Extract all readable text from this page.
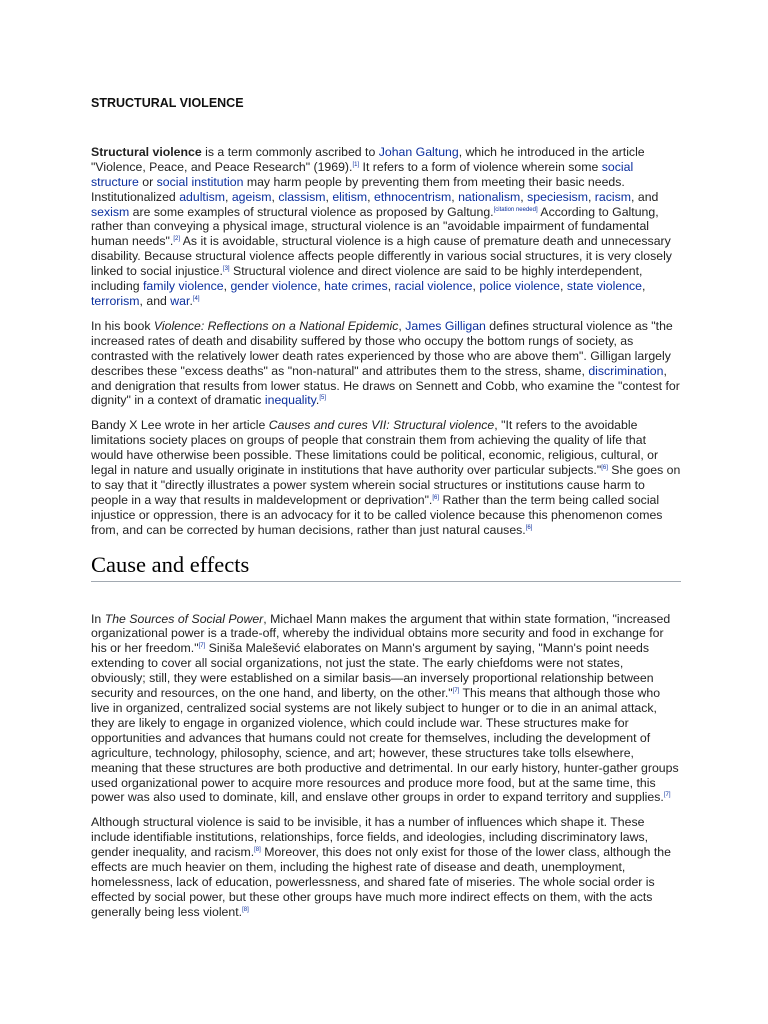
STRUCTURAL VIOLENCE

Structural violence is a term commonly ascribed to Johan Galtung, which he introduced in the article "Violence, Peace, and Peace Research" (1969).[1] It refers to a form of violence wherein some social structure or social institution may harm people by preventing them from meeting their basic needs. Institutionalized adultism, ageism, classism, elitism, ethnocentrism, nationalism, speciesism, racism, and sexism are some examples of structural violence as proposed by Galtung.[citation needed] According to Galtung, rather than conveying a physical image, structural violence is an "avoidable impairment of fundamental human needs".[2] As it is avoidable, structural violence is a high cause of premature death and unnecessary disability. Because structural violence affects people differently in various social structures, it is very closely linked to social injustice.[3] Structural violence and direct violence are said to be highly interdependent, including family violence, gender violence, hate crimes, racial violence, police violence, state violence, terrorism, and war.[4]

In his book Violence: Reflections on a National Epidemic, James Gilligan defines structural violence as "the increased rates of death and disability suffered by those who occupy the bottom rungs of society, as contrasted with the relatively lower death rates experienced by those who are above them". Gilligan largely describes these "excess deaths" as "non-natural" and attributes them to the stress, shame, discrimination, and denigration that results from lower status. He draws on Sennett and Cobb, who examine the "contest for dignity" in a context of dramatic inequality.[5]

Bandy X Lee wrote in her article Causes and cures VII: Structural violence, "It refers to the avoidable limitations society places on groups of people that constrain them from achieving the quality of life that would have otherwise been possible. These limitations could be political, economic, religious, cultural, or legal in nature and usually originate in institutions that have authority over particular subjects."[6] She goes on to say that it "directly illustrates a power system wherein social structures or institutions cause harm to people in a way that results in maldevelopment or deprivation".[6] Rather than the term being called social injustice or oppression, there is an advocacy for it to be called violence because this phenomenon comes from, and can be corrected by human decisions, rather than just natural causes.[6]

Cause and effects

In The Sources of Social Power, Michael Mann makes the argument that within state formation, "increased organizational power is a trade-off, whereby the individual obtains more security and food in exchange for his or her freedom."[7] Siniša Malešević elaborates on Mann's argument by saying, "Mann's point needs extending to cover all social organizations, not just the state. The early chiefdoms were not states, obviously; still, they were established on a similar basis—an inversely proportional relationship between security and resources, on the one hand, and liberty, on the other."[7] This means that although those who live in organized, centralized social systems are not likely subject to hunger or to die in an animal attack, they are likely to engage in organized violence, which could include war. These structures make for opportunities and advances that humans could not create for themselves, including the development of agriculture, technology, philosophy, science, and art; however, these structures take tolls elsewhere, meaning that these structures are both productive and detrimental. In our early history, hunter-gather groups used organizational power to acquire more resources and produce more food, but at the same time, this power was also used to dominate, kill, and enslave other groups in order to expand territory and supplies.[7]

Although structural violence is said to be invisible, it has a number of influences which shape it. These include identifiable institutions, relationships, force fields, and ideologies, including discriminatory laws, gender inequality, and racism.[8] Moreover, this does not only exist for those of the lower class, although the effects are much heavier on them, including the highest rate of disease and death, unemployment, homelessness, lack of education, powerlessness, and shared fate of miseries. The whole social order is effected by social power, but these other groups have much more indirect effects on them, with the acts generally being less violent.[8]
